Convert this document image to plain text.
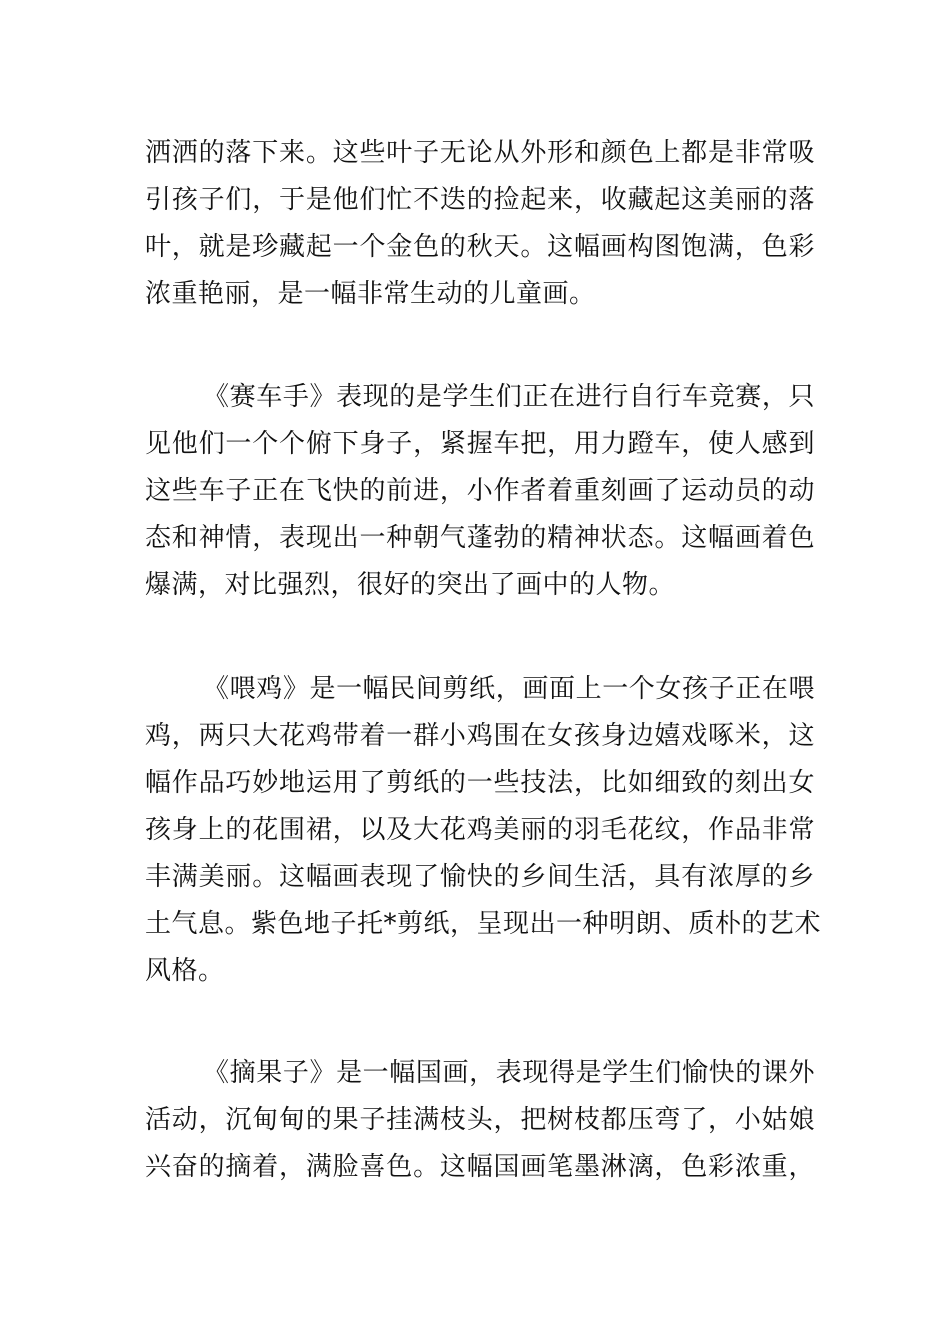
洒洒的落下来。这些叶子无论从外形和颜色上都是非常吸
引孩子们，于是他们忙不迭的捡起来，收藏起这美丽的落
叶，就是珍藏起一个金色的秋天。这幅画构图饱满，色彩
浓重艳丽，是一幅非常生动的儿童画。
《赛车手》表现的是学生们正在进行自行车竞赛，只
见他们一个个俯下身子，紧握车把，用力蹬车，使人感到
这些车子正在飞快的前进，小作者着重刻画了运动员的动
态和神情，表现出一种朝气蓬勃的精神状态。这幅画着色
爆满，对比强烈，很好的突出了画中的人物。
《喂鸡》是一幅民间剪纸，画面上一个女孩子正在喂
鸡，两只大花鸡带着一群小鸡围在女孩身边嬉戏啄米，这
幅作品巧妙地运用了剪纸的一些技法，比如细致的刻出女
孩身上的花围裙，以及大花鸡美丽的羽毛花纹，作品非常
丰满美丽。这幅画表现了愉快的乡间生活，具有浓厚的乡
土气息。紫色地子托*剪纸，呈现出一种明朗、质朴的艺术
风格。
《摘果子》是一幅国画，表现得是学生们愉快的课外
活动，沉甸甸的果子挂满枝头，把树枝都压弯了，小姑娘
兴奋的摘着，满脸喜色。这幅国画笔墨淋漓，色彩浓重，
